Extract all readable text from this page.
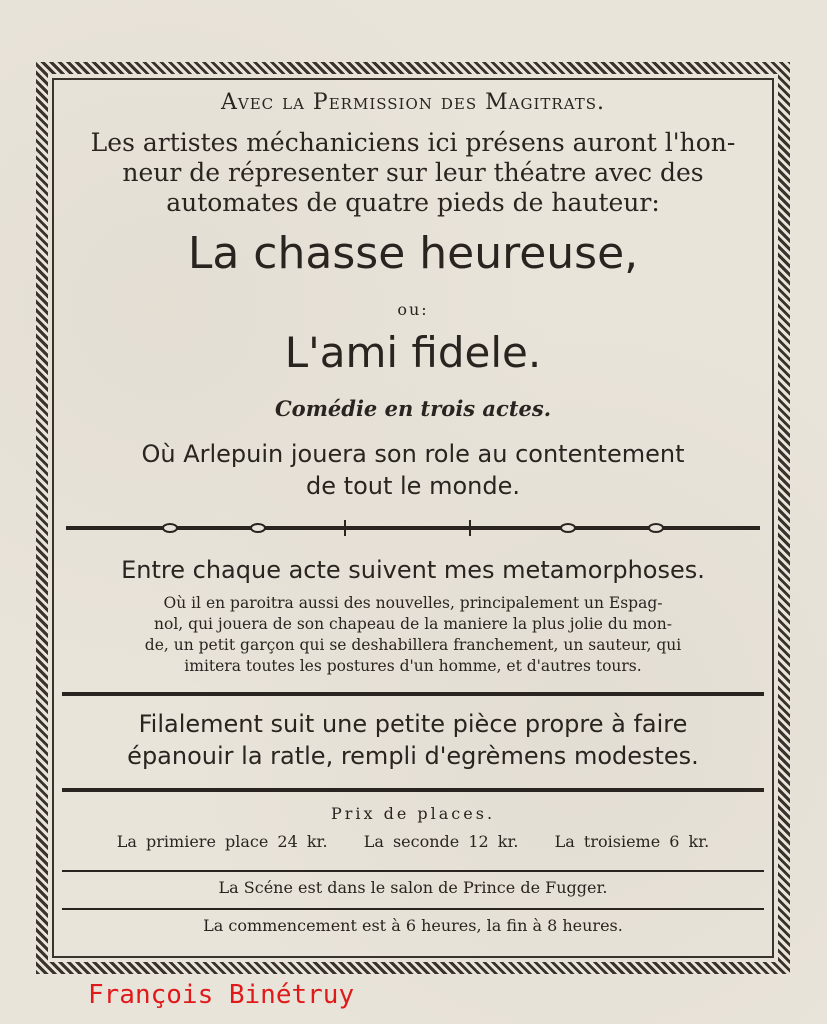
Avec la Permission des Magitrats.
Les artistes méchaniciens ici présens auront l'hon-
neur de répresenter sur leur théatre avec des
automates de quatre pieds de hauteur:
La chasse heureuse,
ou:
L'ami fidele.
Comédie en trois actes.
Où Arlepuin jouera son role au contentement
de tout le monde.
Entre chaque acte suivent mes metamorphoses.
Où il en paroitra aussi des nouvelles, principalement un Espag-
nol, qui jouera de son chapeau de la maniere la plus jolie du mon-
de, un petit garçon qui se deshabillera franchement, un sauteur, qui
imitera toutes les postures d'un homme, et d'autres tours.
Filalement suit une petite pièce propre à faire
épanouir la ratle, rempli d'egrèmens modestes.
Prix de places.
La primiere place 24 kr. La seconde 12 kr. La troisieme 6 kr.
La Scéne est dans le salon de Prince de Fugger.
La commencement est à 6 heures, la fin à 8 heures.
François Binétruy
